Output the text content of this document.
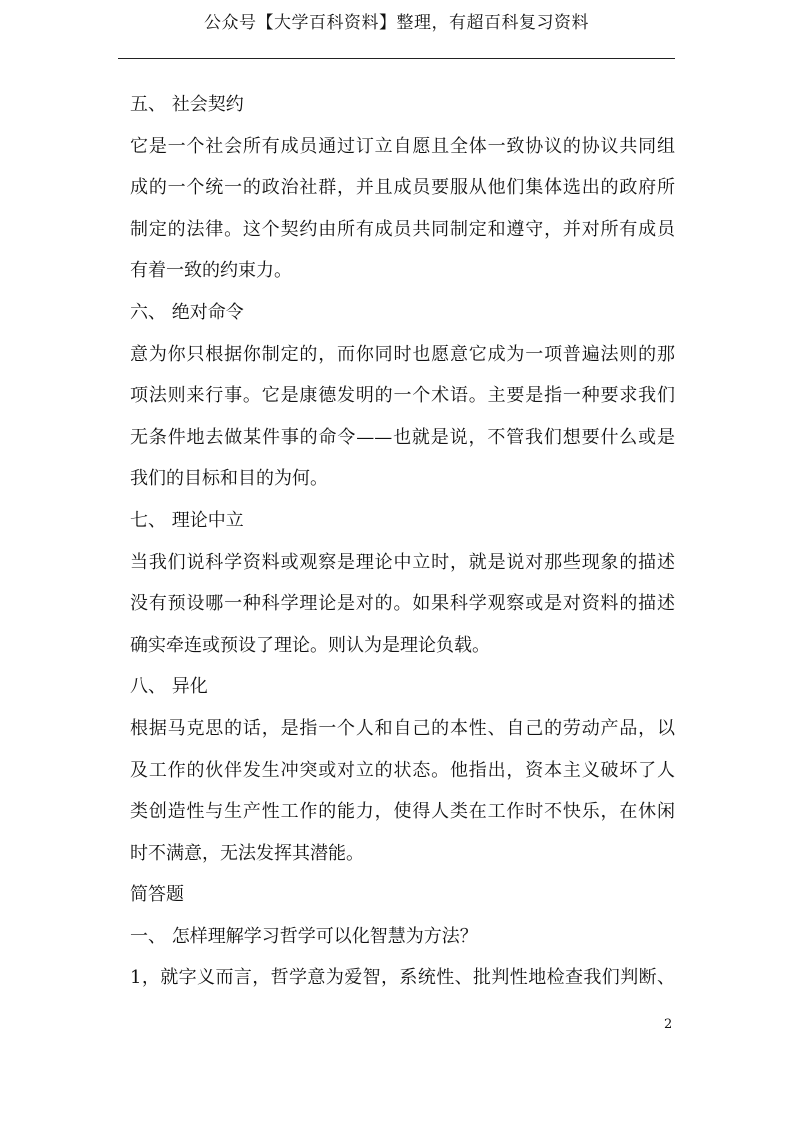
公众号【大学百科资料】整理，有超百科复习资料
五、 社会契约
它是一个社会所有成员通过订立自愿且全体一致协议的协议共同组
成的一个统一的政治社群，并且成员要服从他们集体选出的政府所
制定的法律。这个契约由所有成员共同制定和遵守，并对所有成员
有着一致的约束力。
六、 绝对命令
意为你只根据你制定的，而你同时也愿意它成为一项普遍法则的那
项法则来行事。它是康德发明的一个术语。主要是指一种要求我们
无条件地去做某件事的命令——也就是说，不管我们想要什么或是
我们的目标和目的为何。
七、 理论中立
当我们说科学资料或观察是理论中立时，就是说对那些现象的描述
没有预设哪一种科学理论是对的。如果科学观察或是对资料的描述
确实牵连或预设了理论。则认为是理论负载。
八、 异化
根据马克思的话，是指一个人和自己的本性、自己的劳动产品，以
及工作的伙伴发生冲突或对立的状态。他指出，资本主义破坏了人
类创造性与生产性工作的能力，使得人类在工作时不快乐，在休闲
时不满意，无法发挥其潜能。
简答题
一、 怎样理解学习哲学可以化智慧为方法？
1，就字义而言，哲学意为爱智，系统性、批判性地检查我们判断、
2
